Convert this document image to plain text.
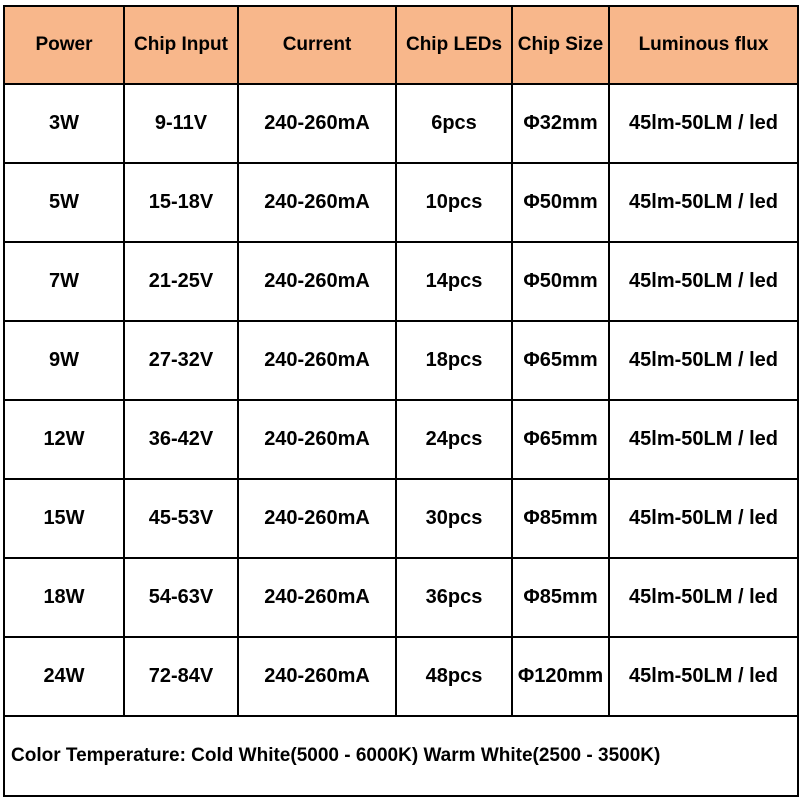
Power	Chip Input	Current	Chip LEDs	Chip Size	Luminous flux
3W	9-11V	240-260mA	6pcs	Φ32mm	45lm-50LM / led
5W	15-18V	240-260mA	10pcs	Φ50mm	45lm-50LM / led
7W	21-25V	240-260mA	14pcs	Φ50mm	45lm-50LM / led
9W	27-32V	240-260mA	18pcs	Φ65mm	45lm-50LM / led
12W	36-42V	240-260mA	24pcs	Φ65mm	45lm-50LM / led
15W	45-53V	240-260mA	30pcs	Φ85mm	45lm-50LM / led
18W	54-63V	240-260mA	36pcs	Φ85mm	45lm-50LM / led
24W	72-84V	240-260mA	48pcs	Φ120mm	45lm-50LM / led
Color Temperature: Cold White(5000 - 6000K) Warm White(2500 - 3500K)					
